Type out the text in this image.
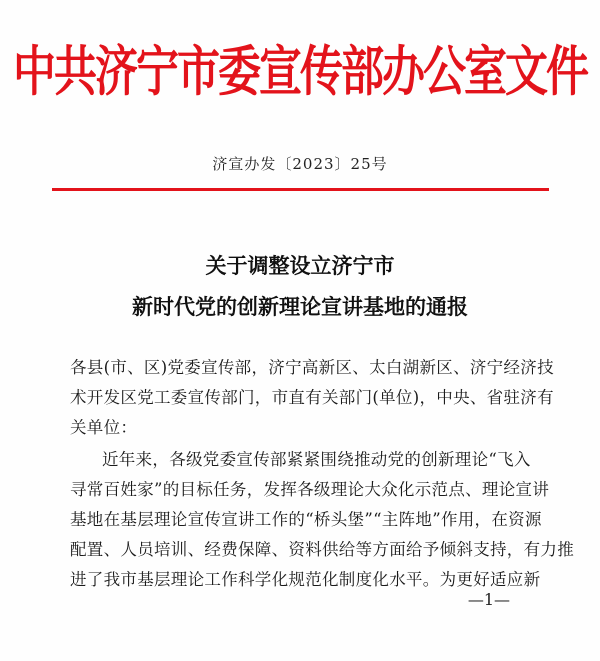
中共济宁市委宣传部办公室文件
济宣办发〔2023〕25号
关于调整设立济宁市
新时代党的创新理论宣讲基地的通报
各县(市、区)党委宣传部，济宁高新区、太白湖新区、济宁经济技
术开发区党工委宣传部门，市直有关部门(单位)，中央、省驻济有
关单位：
近年来，各级党委宣传部紧紧围绕推动党的创新理论“飞入
寻常百姓家”的目标任务，发挥各级理论大众化示范点、理论宣讲
基地在基层理论宣传宣讲工作的“桥头堡”“主阵地”作用，在资源
配置、人员培训、经费保障、资料供给等方面给予倾斜支持，有力推
进了我市基层理论工作科学化规范化制度化水平。为更好适应新
—1—
